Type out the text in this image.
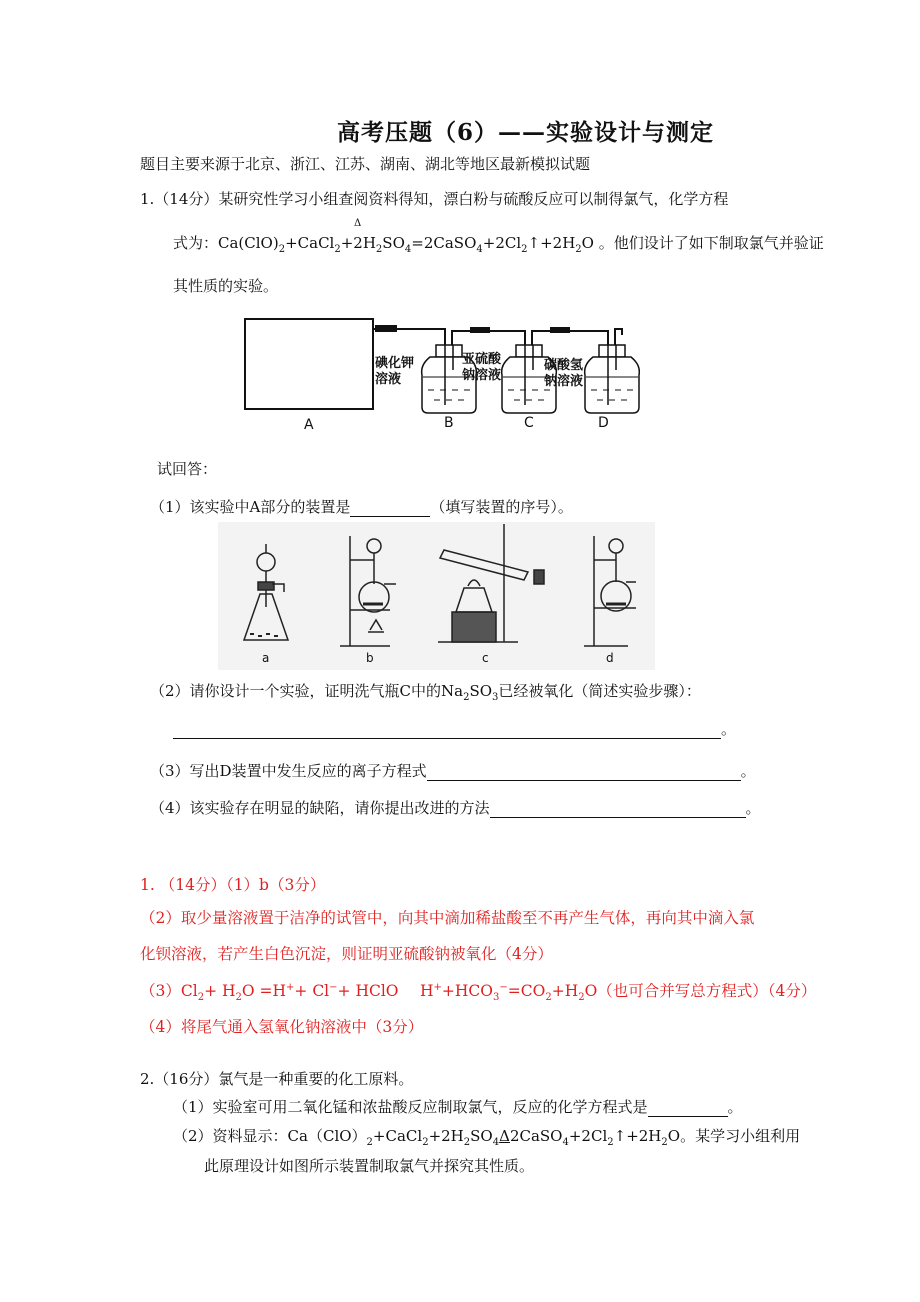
高考压题（6）——实验设计与测定
题目主要来源于北京、浙江、江苏、湖南、湖北等地区最新模拟试题
1.（14分）某研究性学习小组查阅资料得知，漂白粉与硫酸反应可以制得氯气，化学方程
Δ
式为：$Ca(ClO)_2+CaCl_2+2H_2SO_4=2CaSO_4+2Cl_2↑+2H_2O$ 。他们设计了如下制取氯气并验证
其性质的实验。
碘化钾
溶液
亚硫酸
钠溶液
碳酸氢
钠溶液
A	B	C	D
试回答：
（1）该实验中A部分的装置是	（填写装置的序号）。
a	b	c	d
（2）请你设计一个实验，证明洗气瓶C中的$Na_2SO_3$已经被氧化（简述实验步骤）：
。
（3）写出D装置中发生反应的离子方程式	。
（4）该实验存在明显的缺陷，请你提出改进的方法	。
1. （14分）（1）b（3分）
（2）取少量溶液置于洁净的试管中，向其中滴加稀盐酸至不再产生气体，再向其中滴入氯
化钡溶液，若产生白色沉淀，则证明亚硫酸钠被氧化（4分）
$(3)Cl_2+ H_2O =H^++ Cl^-+$ HClO $H^++HCO_3^-=CO_2+H_2O$（也可合并写总方程式）（4分）
（4）将尾气通入氢氧化钠溶液中（3分）
2.（16分）氯气是一种重要的化工原料。
（1）实验室可用二氧化锰和浓盐酸反应制取氯气，反应的化学方程式是	。
（2）资料显示：$Ca(ClO)_2+CaCl_2+2H_2SO_4\Delta 2CaSO_4+2Cl_2↑+2H_2O$。某学习小组利用
此原理设计如图所示装置制取氯气并探究其性质。
